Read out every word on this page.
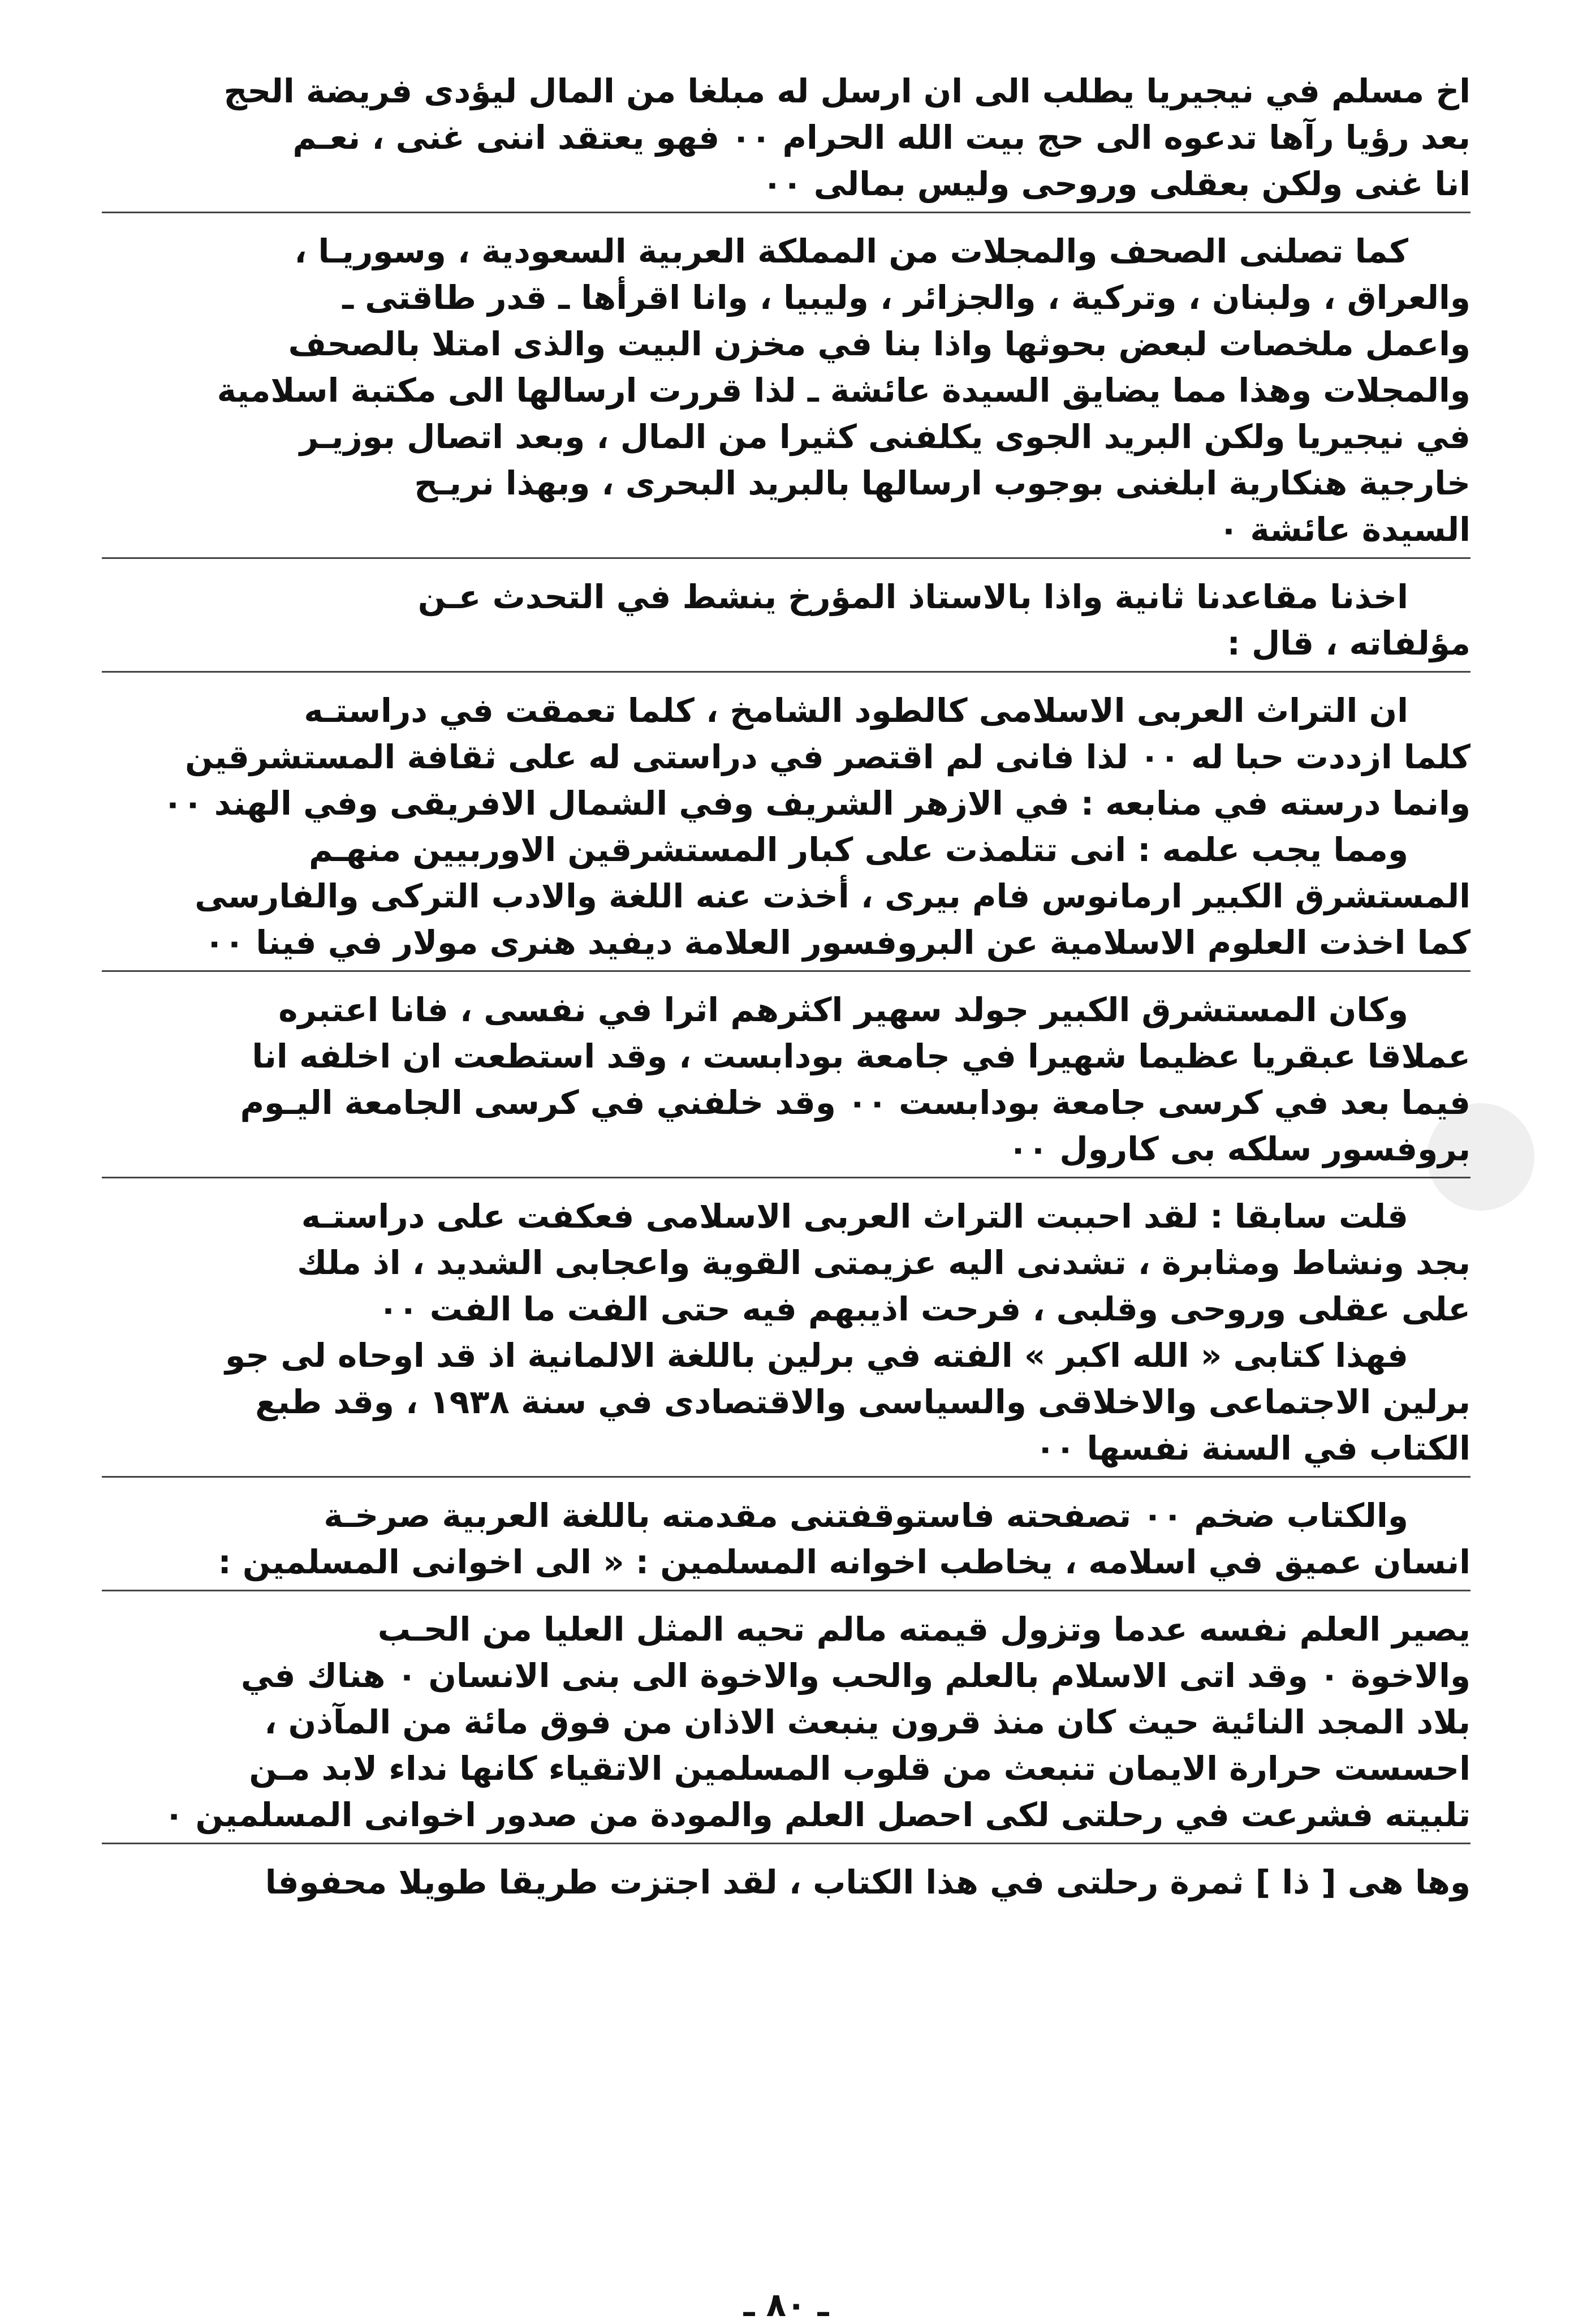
اخ مسلم في نيجيريا يطلب الى ان ارسل له مبلغا من المال ليؤدى فريضة الحج
بعد رؤيا رآها تدعوه الى حج بيت الله الحرام ٠٠ فهو يعتقد اننى غنى ، نعـم
انا غنى ولكن بعقلى وروحى وليس بمالى ٠٠
كما تصلنى الصحف والمجلات من المملكة العربية السعودية ، وسوريـا ،
والعراق ، ولبنان ، وتركية ، والجزائر ، وليبيا ، وانا اقرأها ـ قدر طاقتى ـ
واعمل ملخصات لبعض بحوثها واذا بنا في مخزن البيت والذى امتلا بالصحف
والمجلات وهذا مما يضايق السيدة عائشة ـ لذا قررت ارسالها الى مكتبة اسلامية
في نيجيريا ولكن البريد الجوى يكلفنى كثيرا من المال ، وبعد اتصال بوزيـر
خارجية هنكارية ابلغنى بوجوب ارسالها بالبريد البحرى ، وبهذا نريـح
السيدة عائشة ٠
اخذنا مقاعدنا ثانية واذا بالاستاذ المؤرخ ينشط في التحدث عـن
مؤلفاته ، قال :
ان التراث العربى الاسلامى كالطود الشامخ ، كلما تعمقت في دراستـه
كلما ازددت حبا له ٠٠ لذا فانى لم اقتصر في دراستى له على ثقافة المستشرقين
وانما درسته في منابعه : في الازهر الشريف وفي الشمال الافريقى وفي الهند ٠٠
ومما يجب علمه : انى تتلمذت على كبار المستشرقين الاوربيين منهـم
المستشرق الكبير ارمانوس فام بيرى ، أخذت عنه اللغة والادب التركى والفارسى
كما اخذت العلوم الاسلامية عن البروفسور العلامة ديفيد هنرى مولار في فينا ٠٠
وكان المستشرق الكبير جولد سهير اكثرهم اثرا في نفسى ، فانا اعتبره
عملاقا عبقريا عظيما شهيرا في جامعة بودابست ، وقد استطعت ان اخلفه انا
فيما بعد في كرسى جامعة بودابست ٠٠ وقد خلفني في كرسى الجامعة اليـوم
بروفسور سلكه بى كارول ٠٠
قلت سابقا : لقد احببت التراث العربى الاسلامى فعكفت على دراستـه
بجد ونشاط ومثابرة ، تشدنى اليه عزيمتى القوية واعجابى الشديد ، اذ ملك
على عقلى وروحى وقلبى ، فرحت اذيبهم فيه حتى الفت ما الفت ٠٠
فهذا كتابى « الله اكبر » الفته في برلين باللغة الالمانية اذ قد اوحاه لى جو
برلين الاجتماعى والاخلاقى والسياسى والاقتصادى في سنة ١٩٣٨ ، وقد طبع
الكتاب في السنة نفسها ٠٠
والكتاب ضخم ٠٠ تصفحته فاستوقفتنى مقدمته باللغة العربية صرخـة
انسان عميق في اسلامه ، يخاطب اخوانه المسلمين : « الى اخوانى المسلمين :
يصير العلم نفسه عدما وتزول قيمته مالم تحيه المثل العليا من الحـب
والاخوة ٠ وقد اتى الاسلام بالعلم والحب والاخوة الى بنى الانسان ٠ هناك في
بلاد المجد النائية حيث كان منذ قرون ينبعث الاذان من فوق مائة من المآذن ،
احسست حرارة الايمان تنبعث من قلوب المسلمين الاتقياء كانها نداء لابد مـن
تلبيته فشرعت في رحلتى لكى احصل العلم والمودة من صدور اخوانى المسلمين ٠
وها هى [ ذا ] ثمرة رحلتى في هذا الكتاب ، لقد اجتزت طريقا طويلا محفوفا
ـ ٨٠ ـ
